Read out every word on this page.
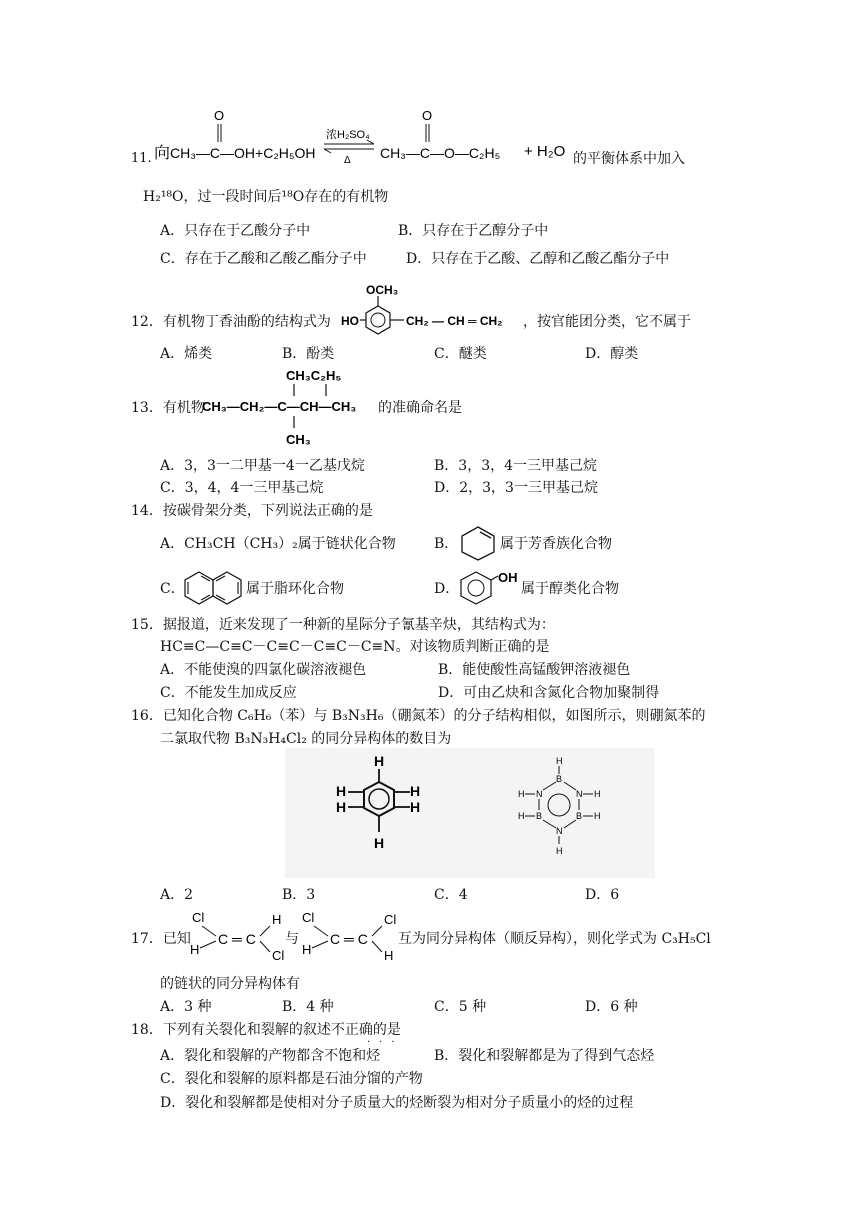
11. 向
O
CH₃—C—OH+C₂H₅OH
浓H₂SO₄
Δ
O
CH₃—C—O—C₂H₅ + H₂O 的平衡体系中加入
H₂¹⁸O，过一段时间后¹⁸O存在的有机物
A．只存在于乙酸分子中	B．只存在于乙醇分子中
C．存在于乙酸和乙酸乙酯分子中	D．只存在于乙酸、乙醇和乙酸乙酯分子中
12．有机物丁香油酚的结构式为
OCH₃
HO	CH₂ — CH ═ CH₂ ，按官能团分类，它不属于
A．烯类	B．酚类	C．醚类	D．醇类
13．有机物
CH₃C₂H₅
CH₃—CH₂—C—CH—CH₃
CH₃
的准确命名是
A．3，3一二甲基一4一乙基戊烷	B．3，3，4一三甲基己烷
C．3，4，4一三甲基己烷	D．2，3，3一三甲基己烷
14．按碳骨架分类，下列说法正确的是
A．CH₃CH（CH₃）₂属于链状化合物	B．	属于芳香族化合物
C．	属于脂环化合物	D．
OH
属于醇类化合物
15．据报道，近来发现了一种新的星际分子氰基辛炔，其结构式为：
HC≡C—C≡C－C≡C－C≡C－C≡N。对该物质判断正确的是
A．不能使溴的四氯化碳溶液褪色	B．能使酸性高锰酸钾溶液褪色
C．不能发生加成反应	D．可由乙炔和含氮化合物加聚制得
16．已知化合物 C₆H₆（苯）与 B₃N₃H₆（硼氮苯）的分子结构相似，如图所示，则硼氮苯的
二氯取代物 B₃N₃H₄Cl₂ 的同分异构体的数目为
H
H
H
H
H
H
H
B
N	N
B	B
N
H
H
H
H
H
A．2	B．3	C．4	D．6
17．已知
Cl
H
C ═ C
H
Cl
与
Cl
H
C ═ C
Cl
H
互为同分异构体（顺反异构），则化学式为 C₃H₅Cl
的链状的同分异构体有
A．3 种	B．4 种	C．5 种	D．6 种
18．下列有关裂化和裂解的叙述不正确的是
···
A．裂化和裂解的产物都含不饱和烃	B．裂化和裂解都是为了得到气态烃
C．裂化和裂解的原料都是石油分馏的产物
D．裂化和裂解都是使相对分子质量大的烃断裂为相对分子质量小的烃的过程
